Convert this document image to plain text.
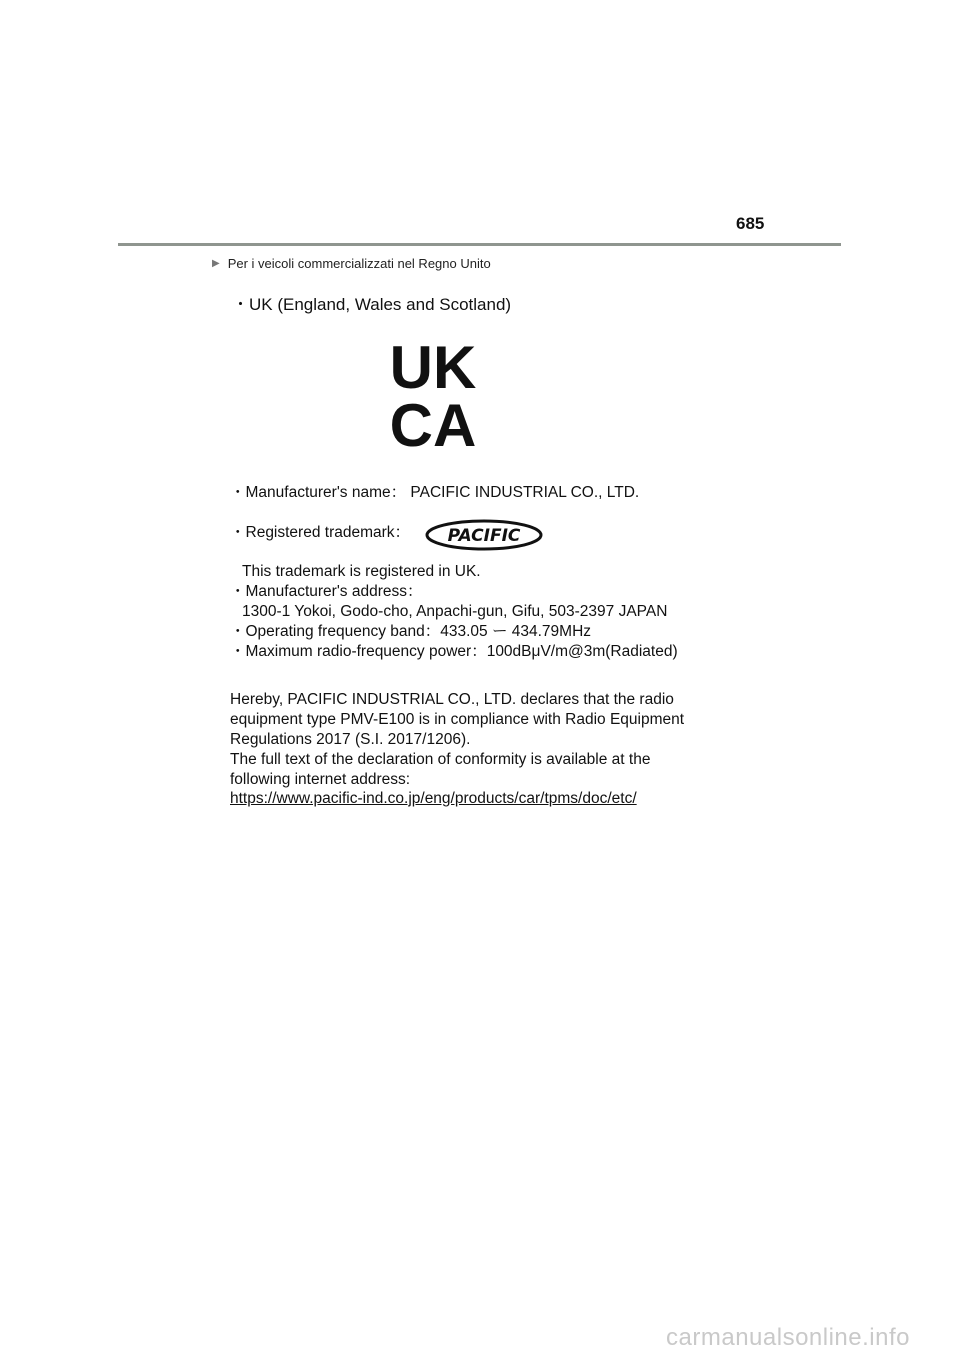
685
▶ Per i veicoli commercializzati nel Regno Unito
・UK (England, Wales and Scotland)
UK
CA
・Manufacturer's name： PACIFIC INDUSTRIAL CO., LTD.
・Registered trademark： PACIFIC
This trademark is registered in UK.
・Manufacturer's address：
1300-1 Yokoi, Godo-cho, Anpachi-gun, Gifu, 503-2397 JAPAN
・Operating frequency band：433.05 ー 434.79MHz
・Maximum radio-frequency power：100dBμV/m@3m(Radiated)
Hereby, PACIFIC INDUSTRIAL CO., LTD. declares that the radio
equipment type PMV-E100 is in compliance with Radio Equipment
Regulations 2017 (S.I. 2017/1206).
The full text of the declaration of conformity is available at the
following internet address:
https://www.pacific-ind.co.jp/eng/products/car/tpms/doc/etc/
carmanualsonline.info
